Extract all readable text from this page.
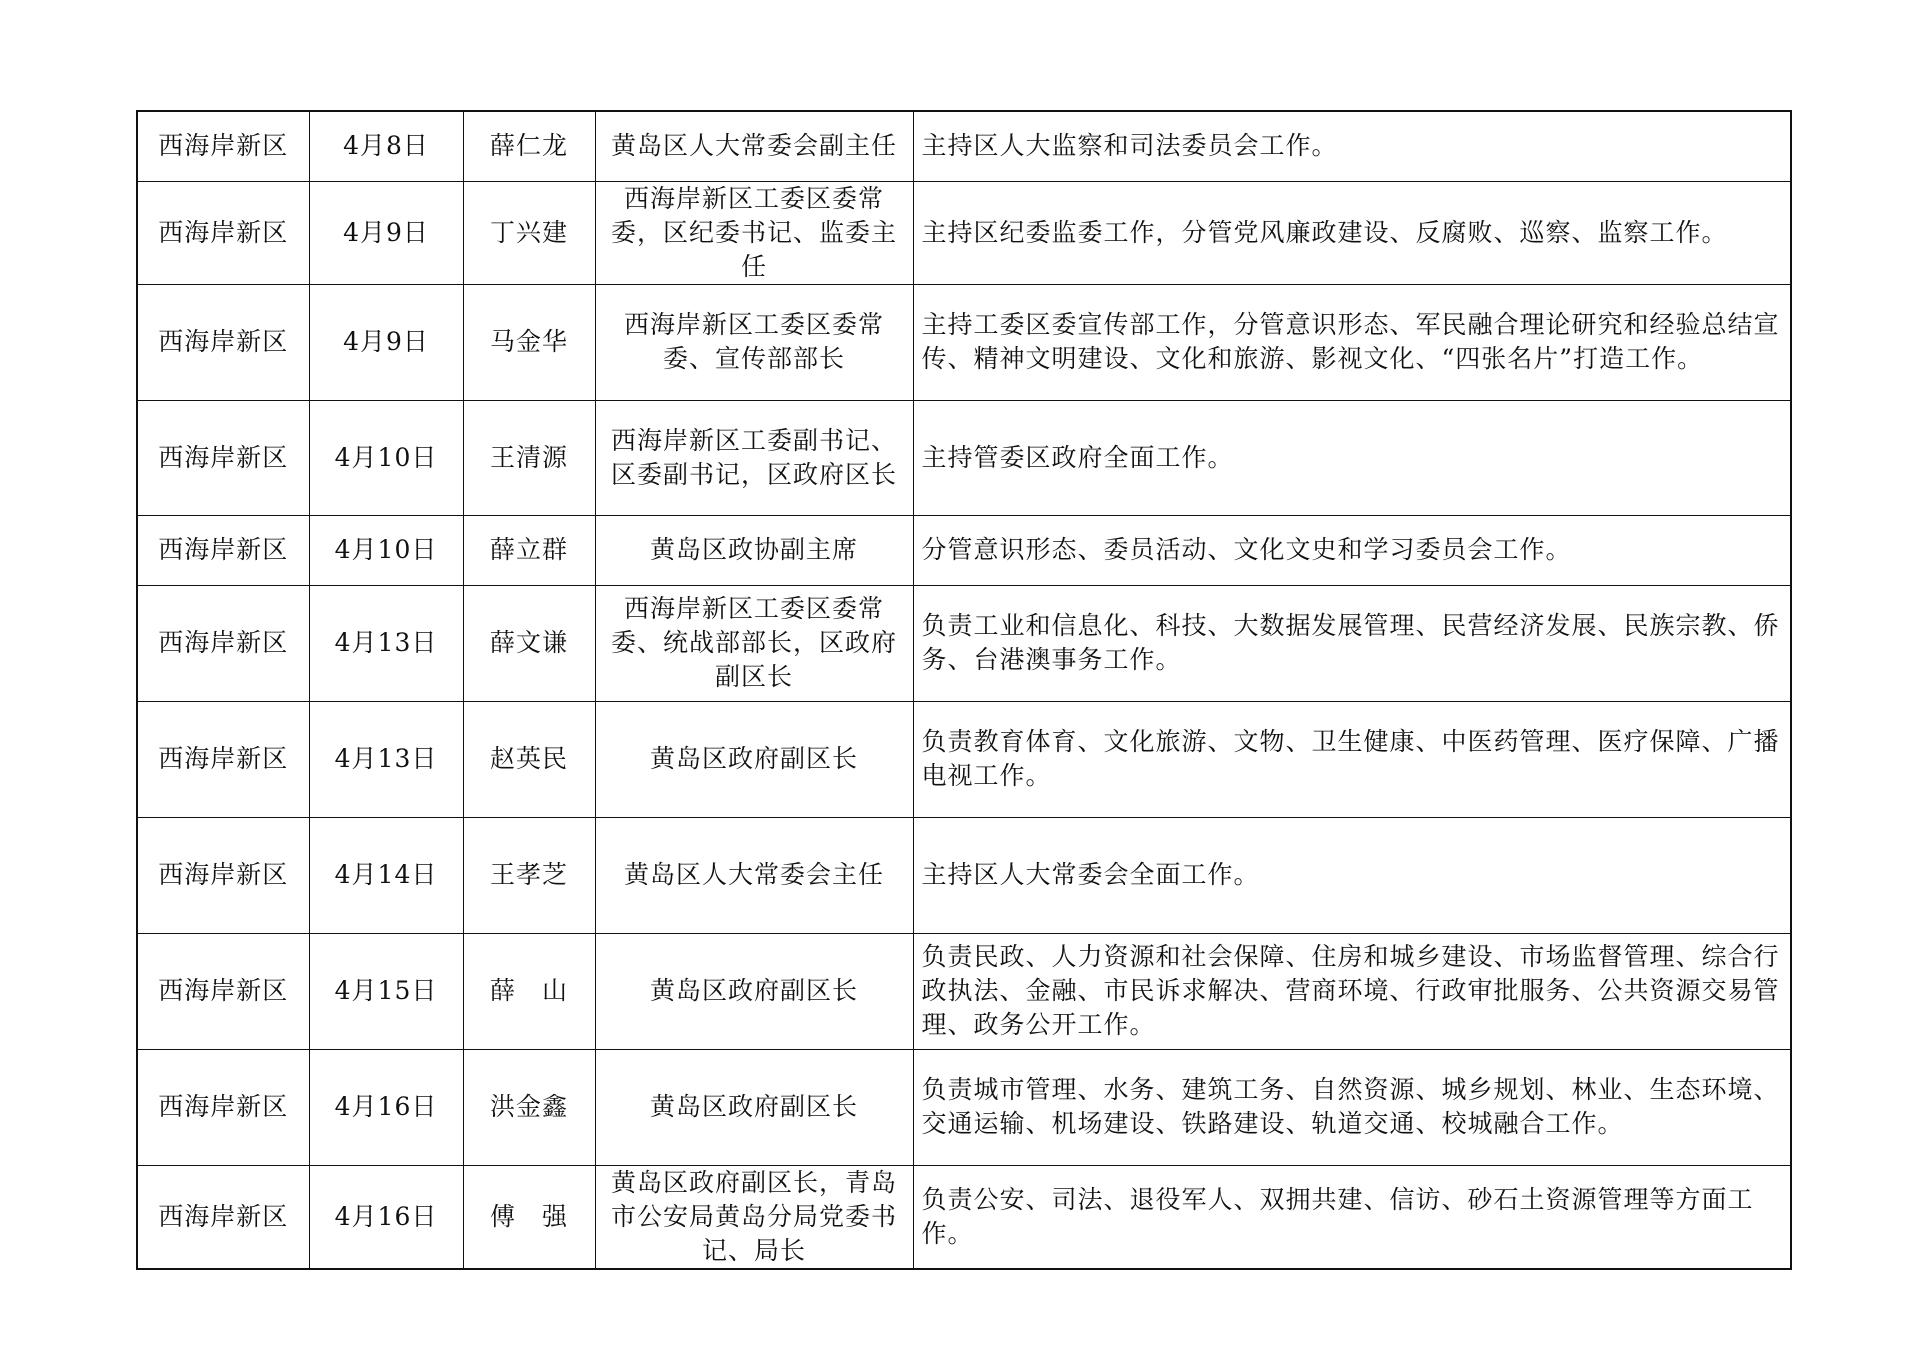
西海岸新区	4月8日	薛仁龙	黄岛区人大常委会副主任	主持区人大监察和司法委员会工作。
西海岸新区	4月9日	丁兴建	西海岸新区工委区委常委，区纪委书记、监委主任	主持区纪委监委工作，分管党风廉政建设、反腐败、巡察、监察工作。
西海岸新区	4月9日	马金华	西海岸新区工委区委常委、宣传部部长	主持工委区委宣传部工作，分管意识形态、军民融合理论研究和经验总结宣传、精神文明建设、文化和旅游、影视文化、“四张名片”打造工作。
西海岸新区	4月10日	王清源	西海岸新区工委副书记、区委副书记，区政府区长	主持管委区政府全面工作。
西海岸新区	4月10日	薛立群	黄岛区政协副主席	分管意识形态、委员活动、文化文史和学习委员会工作。
西海岸新区	4月13日	薛文谦	西海岸新区工委区委常委、统战部部长，区政府副区长	负责工业和信息化、科技、大数据发展管理、民营经济发展、民族宗教、侨务、台港澳事务工作。
西海岸新区	4月13日	赵英民	黄岛区政府副区长	负责教育体育、文化旅游、文物、卫生健康、中医药管理、医疗保障、广播电视工作。
西海岸新区	4月14日	王孝芝	黄岛区人大常委会主任	主持区人大常委会全面工作。
西海岸新区	4月15日	薛　山	黄岛区政府副区长	负责民政、人力资源和社会保障、住房和城乡建设、市场监督管理、综合行政执法、金融、市民诉求解决、营商环境、行政审批服务、公共资源交易管理、政务公开工作。
西海岸新区	4月16日	洪金鑫	黄岛区政府副区长	负责城市管理、水务、建筑工务、自然资源、城乡规划、林业、生态环境、交通运输、机场建设、铁路建设、轨道交通、校城融合工作。
西海岸新区	4月16日	傅　强	黄岛区政府副区长，青岛市公安局黄岛分局党委书记、局长	负责公安、司法、退役军人、双拥共建、信访、砂石土资源管理等方面工作。
